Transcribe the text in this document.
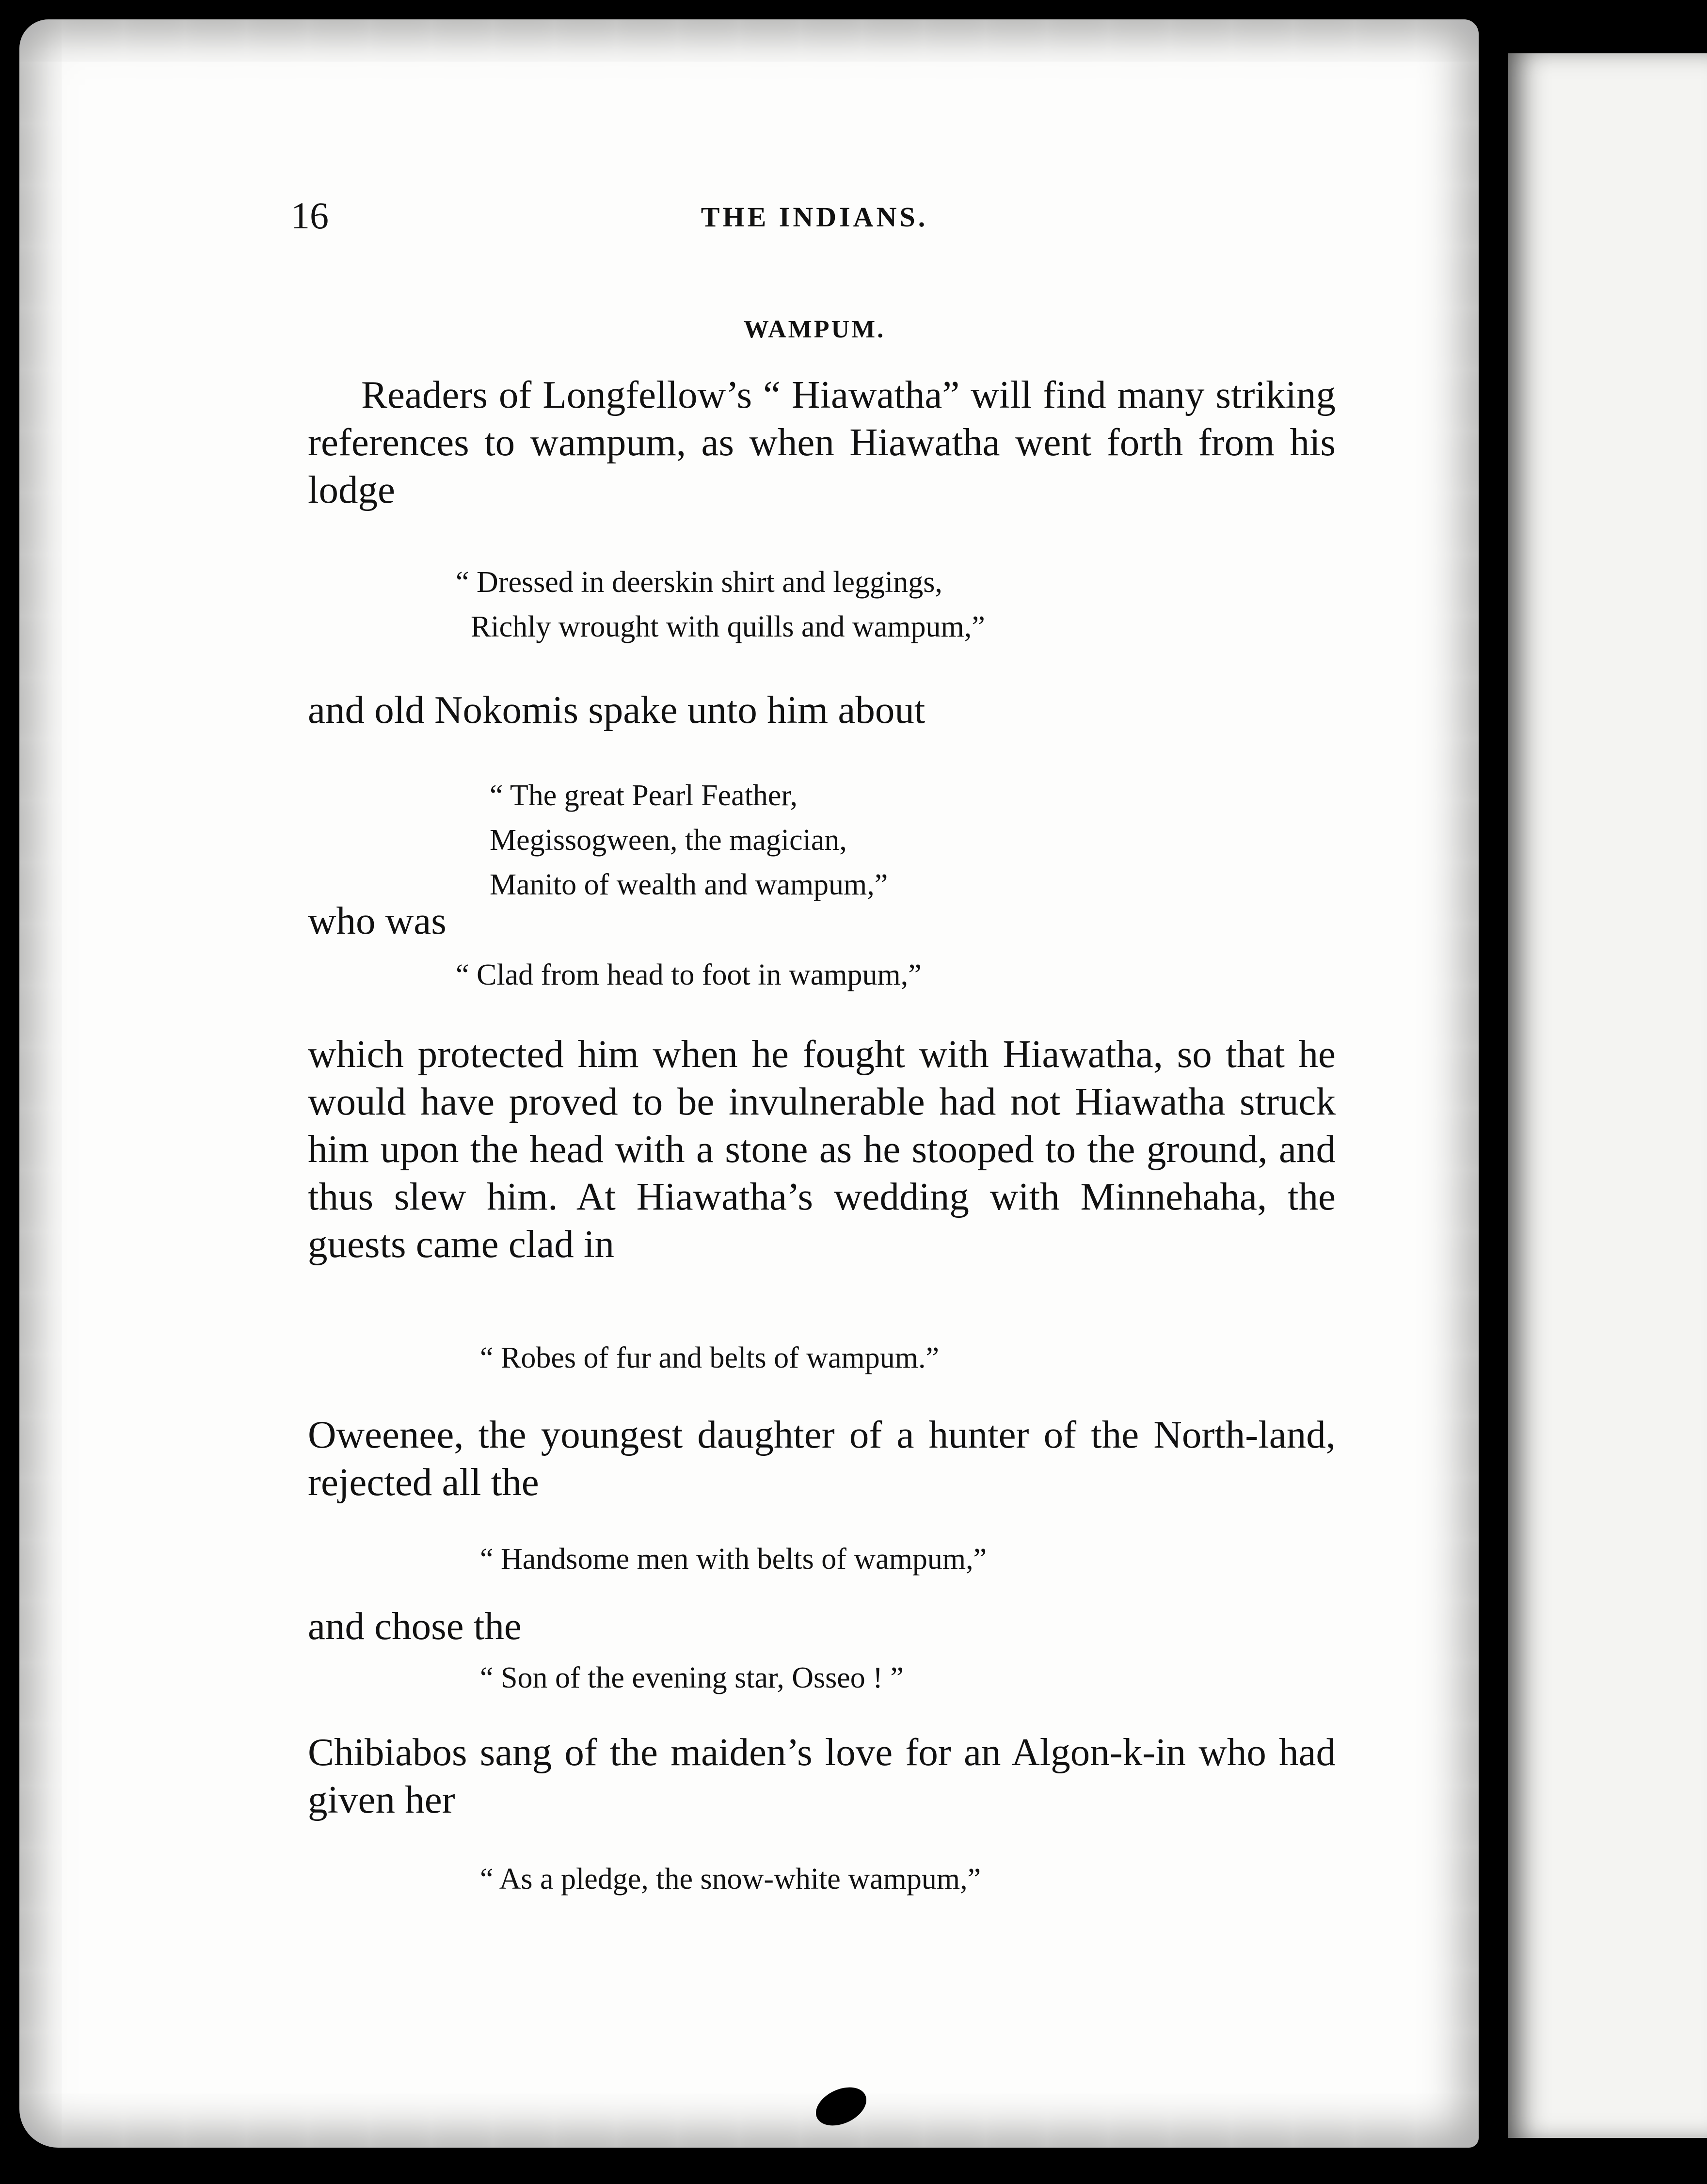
16	THE INDIANS.
WAMPUM.
Readers of Longfellow’s “ Hiawatha” will find many striking references to wampum, as when Hiawatha went forth from his lodge
“ Dressed in deerskin shirt and leggings,
Richly wrought with quills and wampum,”
and old Nokomis spake unto him about
“ The great Pearl Feather,
Megissogween, the magician,
Manito of wealth and wampum,”
who was
“ Clad from head to foot in wampum,”
which protected him when he fought with Hiawatha, so that he would have proved to be invulnerable had not Hiawatha struck him upon the head with a stone as he stooped to the ground, and thus slew him. At Hiawatha’s wedding with Minnehaha, the guests came clad in
“ Robes of fur and belts of wampum.”
Oweenee, the youngest daughter of a hunter of the North-land, rejected all the
“ Handsome men with belts of wampum,”
and chose the
“ Son of the evening star, Osseo ! ”
Chibiabos sang of the maiden’s love for an Algon-k-in who had given her
“ As a pledge, the snow-white wampum,”
